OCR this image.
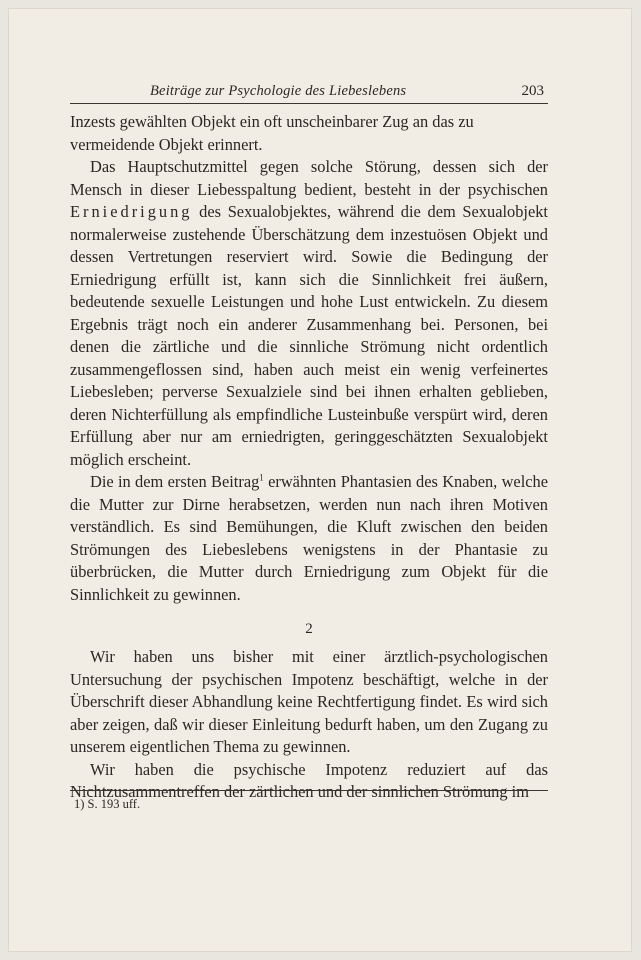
Beiträge zur Psychologie des Liebeslebens	203

Inzests gewählten Objekt ein oft unscheinbarer Zug an das zu vermeidende Objekt erinnert.

Das Hauptschutzmittel gegen solche Störung, dessen sich der Mensch in dieser Liebesspaltung bedient, besteht in der psychischen Erniedrigung des Sexualobjektes, während die dem Sexualobjekt normalerweise zustehende Überschätzung dem inzestuösen Objekt und dessen Vertretungen reserviert wird. Sowie die Bedingung der Erniedrigung erfüllt ist, kann sich die Sinnlichkeit frei äußern, bedeutende sexuelle Leistungen und hohe Lust entwickeln. Zu diesem Ergebnis trägt noch ein anderer Zusammenhang bei. Personen, bei denen die zärtliche und die sinnliche Strömung nicht ordentlich zusammengeflossen sind, haben auch meist ein wenig verfeinertes Liebesleben; perverse Sexualziele sind bei ihnen erhalten geblieben, deren Nichterfüllung als empfindliche Lusteinbuße verspürt wird, deren Erfüllung aber nur am erniedrigten, geringgeschätzten Sexualobjekt möglich erscheint.

Die in dem ersten Beitrag$^1$ erwähnten Phantasien des Knaben, welche die Mutter zur Dirne herabsetzen, werden nun nach ihren Motiven verständlich. Es sind Bemühungen, die Kluft zwischen den beiden Strömungen des Liebeslebens wenigstens in der Phantasie zu überbrücken, die Mutter durch Erniedrigung zum Objekt für die Sinnlichkeit zu gewinnen.

2

Wir haben uns bisher mit einer ärztlich-psychologischen Untersuchung der psychischen Impotenz beschäftigt, welche in der Überschrift dieser Abhandlung keine Rechtfertigung findet. Es wird sich aber zeigen, daß wir dieser Einleitung bedurft haben, um den Zugang zu unserem eigentlichen Thema zu gewinnen.

Wir haben die psychische Impotenz reduziert auf das Nichtzusammentreffen der zärtlichen und der sinnlichen Strömung im

1) S. 193 uff.
